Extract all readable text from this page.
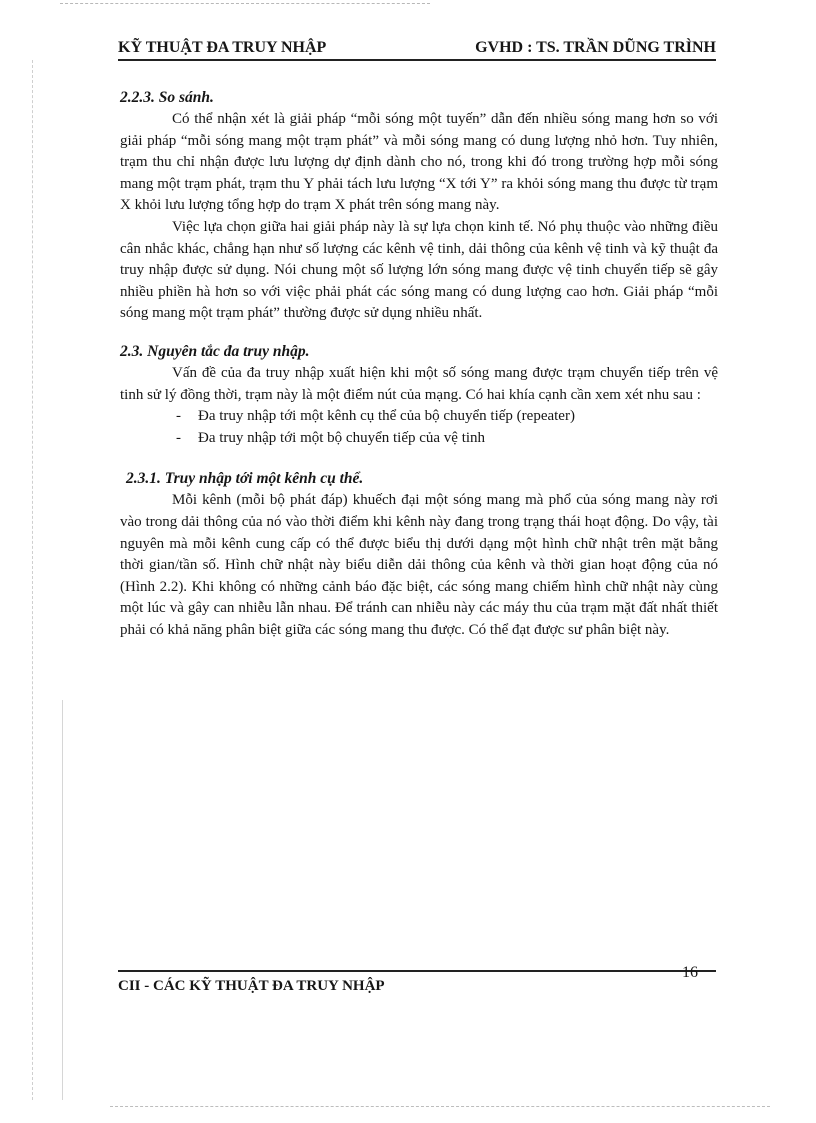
KỸ THUẬT ĐA TRUY NHẬP	GVHD : TS. TRẦN DŨNG TRÌNH
2.2.3. So sánh.

Có thể nhận xét là giải pháp “mỗi sóng một tuyến” dẫn đến nhiều sóng mang hơn so với giải pháp “mỗi sóng mang một trạm phát” và mỗi sóng mang có dung lượng nhỏ hơn. Tuy nhiên, trạm thu chỉ nhận được lưu lượng dự định dành cho nó, trong khi đó trong trường hợp mỗi sóng mang một trạm phát, trạm thu Y phải tách lưu lượng “X tới Y” ra khỏi sóng mang thu được từ trạm X khỏi lưu lượng tổng hợp do trạm X phát trên sóng mang này.

Việc lựa chọn giữa hai giải pháp này là sự lựa chọn kinh tế. Nó phụ thuộc vào những điều cân nhắc khác, chẳng hạn như số lượng các kênh vệ tinh, dải thông của kênh vệ tinh và kỹ thuật đa truy nhập được sử dụng. Nói chung một số lượng lớn sóng mang được vệ tinh chuyển tiếp sẽ gây nhiều phiền hà hơn so với việc phải phát các sóng mang có dung lượng cao hơn. Giải pháp “mỗi sóng mang một trạm phát” thường được sử dụng nhiều nhất.

2.3. Nguyên tắc đa truy nhập.

Vấn đề của đa truy nhập xuất hiện khi một số sóng mang được trạm chuyển tiếp trên vệ tinh sử lý đồng thời, trạm này là một điểm nút của mạng. Có hai khía cạnh cần xem xét nhu sau :

- Đa truy nhập tới một kênh cụ thể của bộ chuyển tiếp (repeater)
- Đa truy nhập tới một bộ chuyển tiếp của vệ tinh
2.3.1. Truy nhập tới một kênh cụ thể.

Mỗi kênh (mỗi bộ phát đáp) khuếch đại một sóng mang mà phổ của sóng mang này rơi vào trong dải thông của nó vào thời điểm khi kênh này đang trong trạng thái hoạt động. Do vậy, tài nguyên mà mỗi kênh cung cấp có thể được biểu thị dưới dạng một hình chữ nhật trên mặt bằng thời gian/tần số. Hình chữ nhật này biểu diễn dải thông của kênh và thời gian hoạt động của nó (Hình 2.2). Khi không có những cảnh báo đặc biệt, các sóng mang chiếm hình chữ nhật này cùng một lúc và gây can nhiễu lẫn nhau. Để tránh can nhiễu này các máy thu của trạm mặt đất nhất thiết phải có khả năng phân biệt giữa các sóng mang thu được. Có thể đạt được sư phân biệt này.

CII - CÁC KỸ THUẬT ĐA TRUY NHẬP
16
